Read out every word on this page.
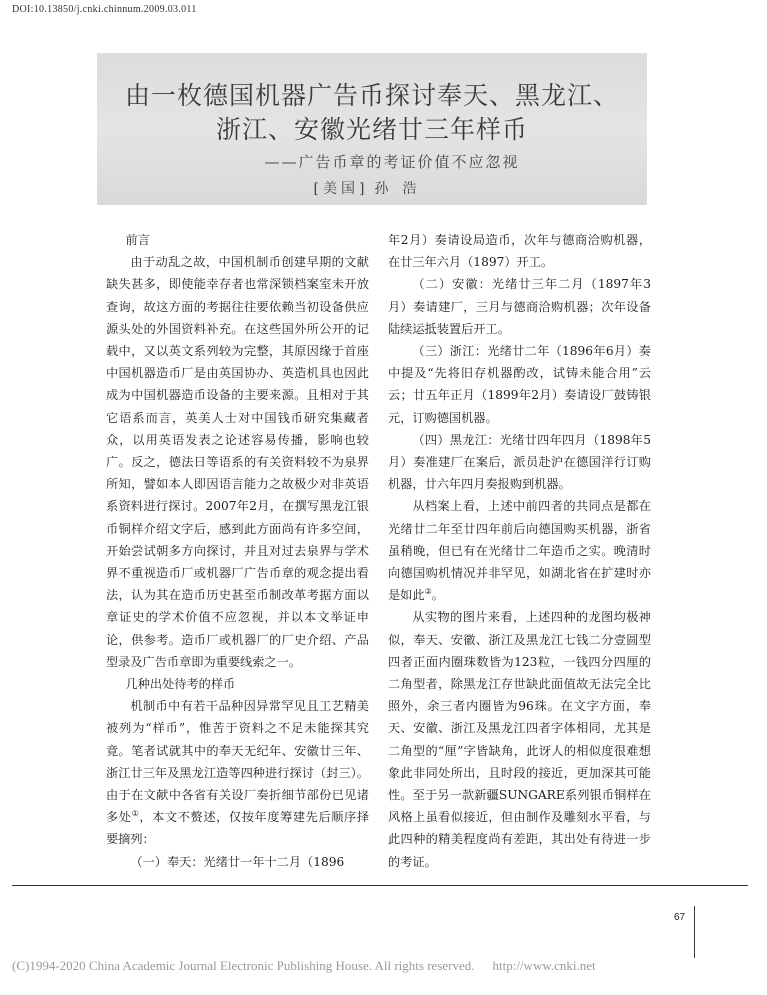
DOI:10.13850/j.cnki.chinnum.2009.03.011
由一枚德国机器广告币探讨奉天、黑龙江、
浙江、安徽光绪廿三年样币
——广告币章的考证价值不应忽视
[美国] 孙浩

前言

由于动乱之故，中国机制币创建早期的文献缺失甚多，即使能幸存者也常深锁档案室未开放查询，故这方面的考据往往要依赖当初设备供应源头处的外国资料补充。在这些国外所公开的记载中，又以英文系列较为完整，其原因缘于首座中国机器造币厂是由英国协办、英造机具也因此成为中国机器造币设备的主要来源。且相对于其它语系而言，英美人士对中国钱币研究集藏者众，以用英语发表之论述容易传播，影响也较广。反之，德法日等语系的有关资料较不为泉界所知，譬如本人即因语言能力之故极少对非英语系资料进行探讨。2007年2月，在撰写黑龙江银币铜样介绍文字后，感到此方面尚有许多空间，开始尝试朝多方向探讨，并且对过去泉界与学术界不重视造币厂或机器厂广告币章的观念提出看法，认为其在造币历史甚至币制改革考据方面以章证史的学术价值不应忽视，并以本文举证申论，供参考。造币厂或机器厂的厂史介绍、产品型录及广告币章即为重要线索之一。

几种出处待考的样币

机制币中有若干品种因异常罕见且工艺精美被列为“样币”，惟苦于资料之不足未能探其究竟。笔者试就其中的奉天无纪年、安徽廿三年、浙江廿三年及黑龙江造等四种进行探讨（封三）。由于在文献中各省有关设厂奏折细节部份已见诸多处①，本文不赘述，仅按年度筹建先后顺序择要摘列：

（一）奉天：光绪廿一年十二月（1896

年2月）奏请设局造币，次年与德商洽购机器，在廿三年六月（1897）开工。

（二）安徽：光绪廿三年二月（1897年3月）奏请建厂，三月与德商洽购机器；次年设备陆续运抵装置后开工。

（三）浙江：光绪廿二年（1896年6月）奏中提及“先将旧存机器酌改，试铸未能合用”云云；廿五年正月（1899年2月）奏请设厂鼓铸银元，订购德国机器。

（四）黑龙江：光绪廿四年四月（1898年5月）奏准建厂在案后，派员赴沪在德国洋行订购机器，廿六年四月奏报购到机器。

从档案上看，上述中前四者的共同点是都在光绪廿二年至廿四年前后向德国购买机器，浙省虽稍晚，但已有在光绪廿二年造币之实。晚清时向德国购机情况并非罕见，如湖北省在扩建时亦是如此②。

从实物的图片来看，上述四种的龙图均极神似，奉天、安徽、浙江及黑龙江七钱二分壹圆型四者正面内圈珠数皆为123粒，一钱四分四厘的二角型者，除黑龙江存世缺此面值故无法完全比照外，余三者内圈皆为96珠。在文字方面，奉天、安徽、浙江及黑龙江四者字体相同，尤其是二角型的“厘”字皆缺角，此讶人的相似度很难想象此非同处所出，且时段的接近，更加深其可能性。至于另一款新疆SUNGARE系列银币铜样在风格上虽看似接近，但由制作及雕刻水平看，与此四种的精美程度尚有差距，其出处有待进一步的考证。

67
(C)1994-2020 China Academic Journal Electronic Publishing House. All rights reserved. http://www.cnki.net
